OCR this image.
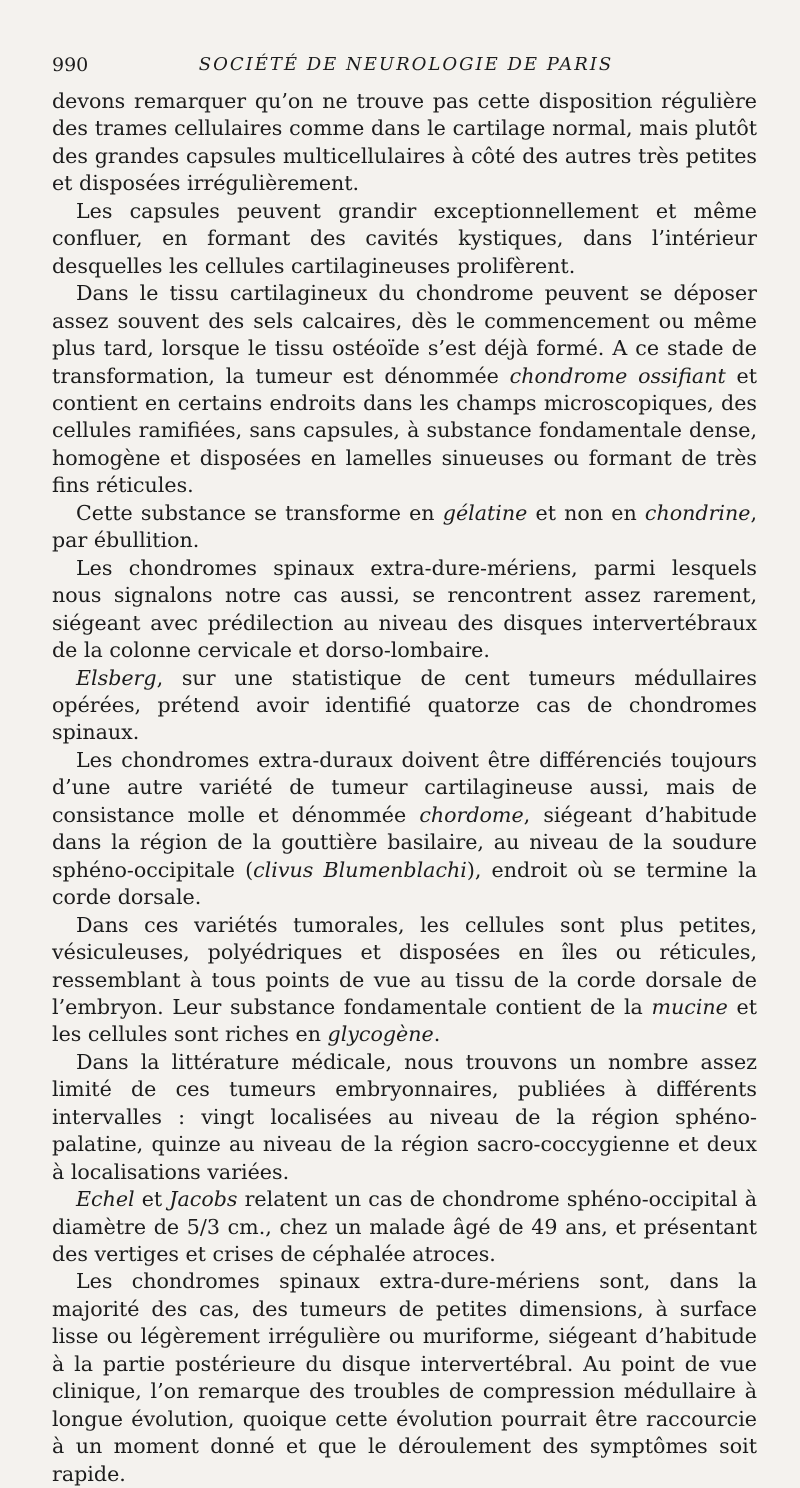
990	SOCIÉTÉ DE NEUROLOGIE DE PARIS

devons remarquer qu’on ne trouve pas cette disposition régulière des trames cellulaires comme dans le cartilage normal, mais plutôt des grandes capsules multicellulaires à côté des autres très petites et disposées irrégulièrement.

Les capsules peuvent grandir exceptionnellement et même confluer, en formant des cavités kystiques, dans l’intérieur desquelles les cellules cartilagineuses prolifèrent.

Dans le tissu cartilagineux du chondrome peuvent se déposer assez souvent des sels calcaires, dès le commencement ou même plus tard, lorsque le tissu ostéoïde s’est déjà formé. A ce stade de transformation, la tumeur est dénommée chondrome ossifiant et contient en certains endroits dans les champs microscopiques, des cellules ramifiées, sans capsules, à substance fondamentale dense, homogène et disposées en lamelles sinueuses ou formant de très fins réticules.

Cette substance se transforme en gélatine et non en chondrine, par ébullition.

Les chondromes spinaux extra-dure-mériens, parmi lesquels nous signalons notre cas aussi, se rencontrent assez rarement, siégeant avec prédilection au niveau des disques intervertébraux de la colonne cervicale et dorso-lombaire.

Elsberg, sur une statistique de cent tumeurs médullaires opérées, prétend avoir identifié quatorze cas de chondromes spinaux.

Les chondromes extra-duraux doivent être différenciés toujours d’une autre variété de tumeur cartilagineuse aussi, mais de consistance molle et dénommée chordome, siégeant d’habitude dans la région de la gouttière basilaire, au niveau de la soudure sphéno-occipitale (clivus Blumenblachi), endroit où se termine la corde dorsale.

Dans ces variétés tumorales, les cellules sont plus petites, vésiculeuses, polyédriques et disposées en îles ou réticules, ressemblant à tous points de vue au tissu de la corde dorsale de l’embryon. Leur substance fondamentale contient de la mucine et les cellules sont riches en glycogène.

Dans la littérature médicale, nous trouvons un nombre assez limité de ces tumeurs embryonnaires, publiées à différents intervalles : vingt localisées au niveau de la région sphéno-palatine, quinze au niveau de la région sacro-coccygienne et deux à localisations variées.

Echel et Jacobs relatent un cas de chondrome sphéno-occipital à diamètre de 5/3 cm., chez un malade âgé de 49 ans, et présentant des vertiges et crises de céphalée atroces.

Les chondromes spinaux extra-dure-mériens sont, dans la majorité des cas, des tumeurs de petites dimensions, à surface lisse ou légèrement irrégulière ou muriforme, siégeant d’habitude à la partie postérieure du disque intervertébral. Au point de vue clinique, l’on remarque des troubles de compression médullaire à longue évolution, quoique cette évolution pourrait être raccourcie à un moment donné et que le déroulement des symptômes soit rapide.
